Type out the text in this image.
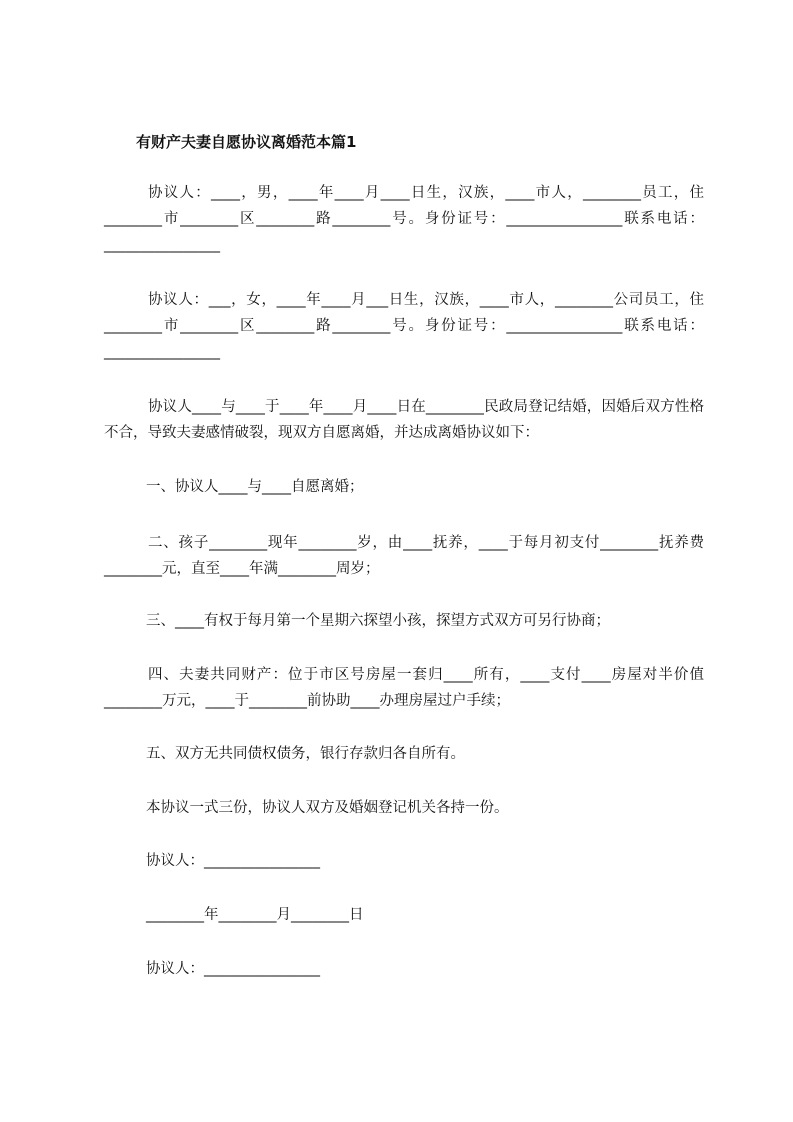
有财产夫妻自愿协议离婚范本篇1
协议人：____，男，____年____月____日生，汉族，____市人，________员工，住________市________区________路________号。身份证号：________________联系电话：________________
协议人：___，女，____年____月___日生，汉族，____市人，________公司员工，住________市________区________路________号。身份证号：________________联系电话：________________
协议人____与____于____年____月____日在________民政局登记结婚，因婚后双方性格不合，导致夫妻感情破裂，现双方自愿离婚，并达成离婚协议如下：
一、协议人____与____自愿离婚；
二、孩子________现年________岁，由____抚养，____于每月初支付________抚养费________元，直至____年满________周岁；
三、____有权于每月第一个星期六探望小孩，探望方式双方可另行协商；
四、夫妻共同财产：位于市区号房屋一套归____所有，____支付____房屋对半价值________万元，____于________前协助____办理房屋过户手续；
五、双方无共同债权债务，银行存款归各自所有。
本协议一式三份，协议人双方及婚姻登记机关各持一份。
协议人：________________
________年________月________日
协议人：________________
